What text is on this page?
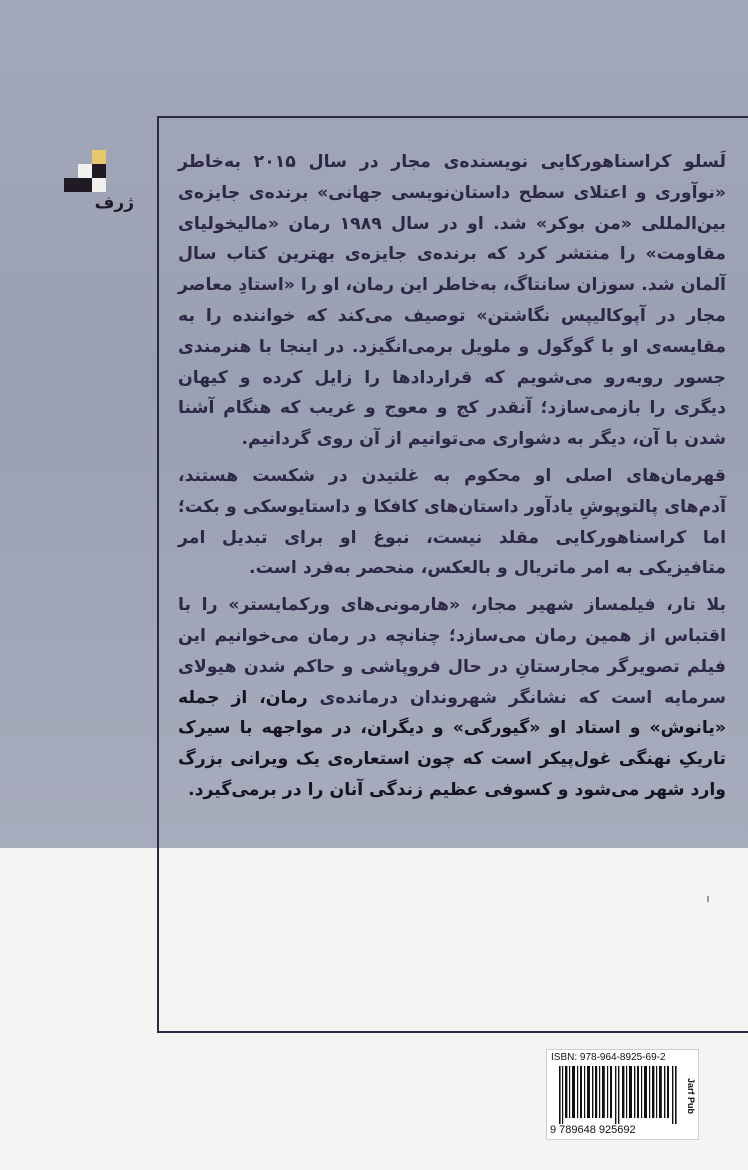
ژرف

لَسلو کراسناهورکایی نویسنده‌ی مجار در سال ۲۰۱۵ به‌خاطر «نوآوری و اعتلای سطح داستان‌نویسی جهانی» برنده‌ی جایزه‌ی بین‌المللی «من بوکر» شد. او در سال ۱۹۸۹ رمان «مالیخولیای مقاومت» را منتشر کرد که برنده‌ی جایزه‌ی بهترین کتاب سال آلمان شد. سوزان سانتاگ، به‌خاطر این رمان، او را «استادِ معاصر مجار در آپوکالیپس نگاشتن» توصیف می‌کند که خواننده را به مقایسه‌ی او با گوگول و ملویل برمی‌انگیزد. در اینجا با هنرمندی جسور روبه‌رو می‌شویم که قراردادها را زایل کرده و کیهان دیگری را بازمی‌سازد؛ آنقدر کج و معوج و غریب که هنگام آشنا شدن با آن، دیگر به دشواری می‌توانیم از آن روی گردانیم.

قهرمان‌های اصلی او محکوم به غلتیدن در شکست هستند، آدم‌های پالتوپوشِ یادآور داستان‌های کافکا و داستایوسکی و بکت؛ اما کراسناهورکایی مقلد نیست، نبوغ او برای تبدیل امر متافیزیکی به امر ماتریال و بالعکس، منحصر به‌فرد است.

بلا تار، فیلمساز شهیر مجار، «هارمونی‌های ورکمایستر» را با اقتباس از همین رمان می‌سازد؛ چنانچه در رمان می‌خوانیم این فیلم تصویرگر مجارستانِ در حال فروپاشی و حاکم شدن هیولای سرمایه است که نشانگر شهروندان درمانده‌ی رمان، از جمله «یانوش» و استاد او «گیورگی» و دیگران، در مواجهه با سیرک تاریکِ نهنگی غول‌پیکر است که چون استعاره‌ی یک ویرانی بزرگ وارد شهر می‌شود و کسوفی عظیم زندگی آنان را در برمی‌گیرد.

ISBN: 978-964-8925-69-2
9 789648 925692
Jarf Pub
